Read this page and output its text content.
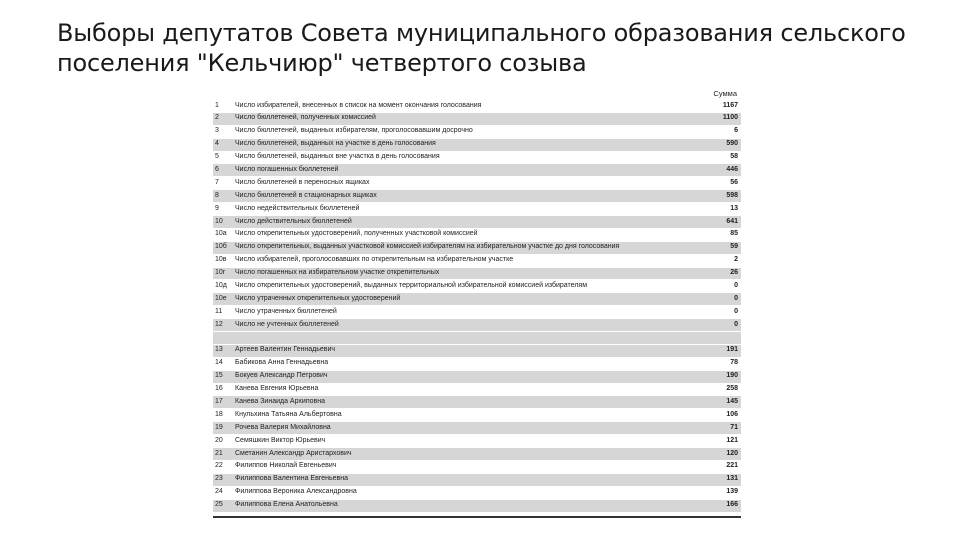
Выборы депутатов Совета муниципального образования сельского поселения "Кельчиюр" четвертого созыва
Сумма
1	Число избирателей, внесенных в список на момент окончания голосования	1167
2	Число бюллетеней, полученных комиссией	1100
3	Число бюллетеней, выданных избирателям, проголосовавшим досрочно	6
4	Число бюллетеней, выданных на участке в день голосования	590
5	Число бюллетеней, выданных вне участка в день голосования	58
6	Число погашенных бюллетеней	446
7	Число бюллетеней в переносных ящиках	56
8	Число бюллетеней в стационарных ящиках	598
9	Число недействительных бюллетеней	13
10	Число действительных бюллетеней	641
10а	Число открепительных удостоверений, полученных участковой комиссией	85
10б	Число открепительных, выданных участковой комиссией избирателям на избирательном участке до дня голосования	59
10в	Число избирателей, проголосовавших по открепительным на избирательном участке	2
10г	Число погашенных на избирательном участке открепительных	26
10д	Число открепительных удостоверений, выданных территориальной избирательной комиссией избирателям	0
10е	Число утраченных открепительных удостоверений	0
11	Число утраченных бюллетеней	0
12	Число не учтенных бюллетеней	0
13	Артеев Валентин Геннадьевич	191
14	Бабикова Анна Геннадьевна	78
15	Бокуев Александр Петрович	190
16	Канева Евгения Юрьевна	258
17	Канева Зинаида Архиповна	145
18	Кнульхина Татьяна Альбертовна	106
19	Рочева Валерия Михайловна	71
20	Семяшкин Виктор Юрьевич	121
21	Сметанин Александр Аристархович	120
22	Филиппов Николай Евгеньевич	221
23	Филиппова Валентина Евгеньевна	131
24	Филиппова Вероника Александровна	139
25	Филиппова Елена Анатольевна	166
